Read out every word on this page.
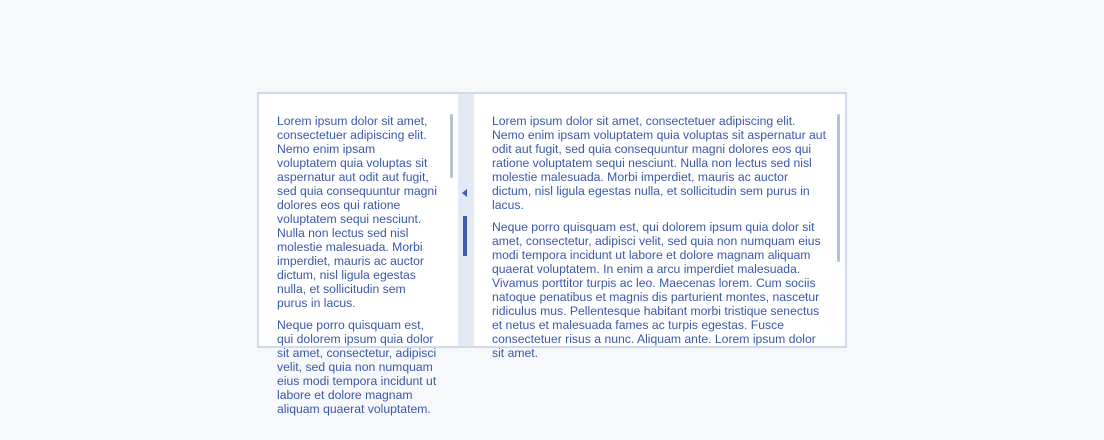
Lorem ipsum dolor sit amet, consectetuer adipiscing elit. Nemo enim ipsam voluptatem quia voluptas sit aspernatur aut odit aut fugit, sed quia consequuntur magni dolores eos qui ratione voluptatem sequi nesciunt. Nulla non lectus sed nisl molestie malesuada. Morbi imperdiet, mauris ac auctor dictum, nisl ligula egestas nulla, et sollicitudin sem purus in lacus.

Neque porro quisquam est, qui dolorem ipsum quia dolor sit amet, consectetur, adipisci velit, sed quia non numquam eius modi tempora incidunt ut labore et dolore magnam aliquam quaerat voluptatem.

Lorem ipsum dolor sit amet, consectetuer adipiscing elit. Nemo enim ipsam voluptatem quia voluptas sit aspernatur aut odit aut fugit, sed quia consequuntur magni dolores eos qui ratione voluptatem sequi nesciunt. Nulla non lectus sed nisl molestie malesuada. Morbi imperdiet, mauris ac auctor dictum, nisl ligula egestas nulla, et sollicitudin sem purus in lacus.

Neque porro quisquam est, qui dolorem ipsum quia dolor sit amet, consectetur, adipisci velit, sed quia non numquam eius modi tempora incidunt ut labore et dolore magnam aliquam quaerat voluptatem. In enim a arcu imperdiet malesuada. Vivamus porttitor turpis ac leo. Maecenas lorem. Cum sociis natoque penatibus et magnis dis parturient montes, nascetur ridiculus mus. Pellentesque habitant morbi tristique senectus et netus et malesuada fames ac turpis egestas. Fusce consectetuer risus a nunc. Aliquam ante. Lorem ipsum dolor sit amet.
